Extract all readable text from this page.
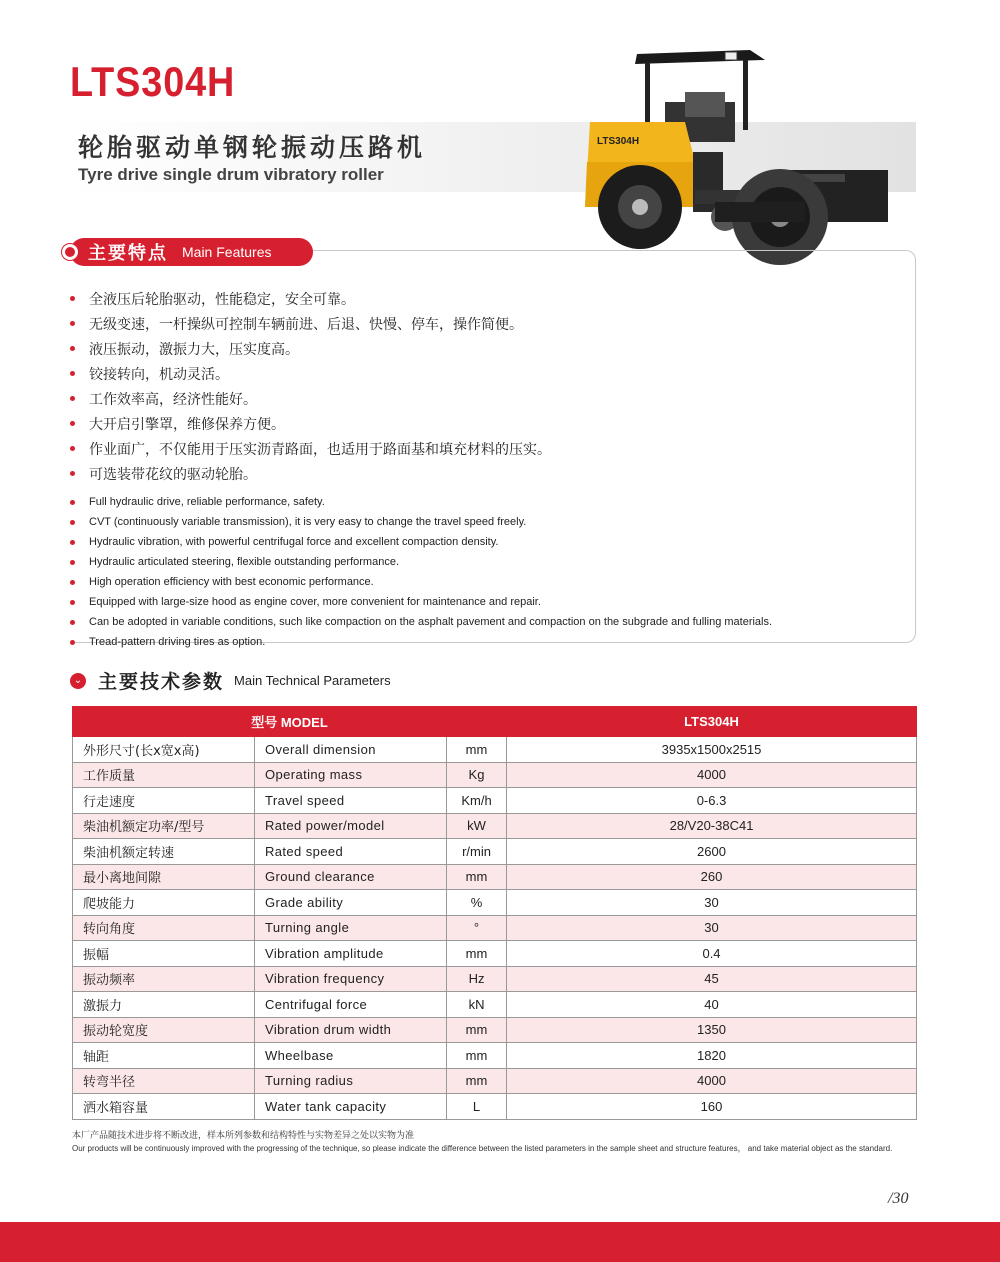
LTS304H
轮胎驱动单钢轮振动压路机
Tyre drive single drum vibratory roller
LTS304H
主要特点 Main Features
全液压后轮胎驱动，性能稳定，安全可靠。
无级变速，一杆操纵可控制车辆前进、后退、快慢、停车，操作简便。
液压振动，激振力大，压实度高。
铰接转向，机动灵活。
工作效率高，经济性能好。
大开启引擎罩，维修保养方便。
作业面广，不仅能用于压实沥青路面，也适用于路面基和填充材料的压实。
可选装带花纹的驱动轮胎。
Full hydraulic drive, reliable performance, safety.
CVT (continuously variable transmission), it is very easy to change the travel speed freely.
Hydraulic vibration, with powerful centrifugal force and excellent compaction density.
Hydraulic articulated steering, flexible outstanding performance.
High operation efficiency with best economic performance.
Equipped with large-size hood as engine cover, more convenient for maintenance and repair.
Can be adopted in variable conditions, such like compaction on the asphalt pavement and compaction on the subgrade and fulling materials.
Tread-pattern driving tires as option.
⌄ 主要技术参数 Main Technical Parameters
型号 MODEL			LTS304H
外形尺寸(长x宽x高)	Overall dimension	mm	3935x1500x2515
工作质量	Operating mass	Kg	4000
行走速度	Travel speed	Km/h	0-6.3
柴油机额定功率/型号	Rated power/model	kW	28/V20-38C41
柴油机额定转速	Rated speed	r/min	2600
最小离地间隙	Ground clearance	mm	260
爬坡能力	Grade ability	%	30
转向角度	Turning angle	°	30
振幅	Vibration amplitude	mm	0.4
振动频率	Vibration frequency	Hz	45
激振力	Centrifugal force	kN	40
振动轮宽度	Vibration drum width	mm	1350
轴距	Wheelbase	mm	1820
转弯半径	Turning radius	mm	4000
洒水箱容量	Water tank capacity	L	160
本厂产品随技术进步将不断改进，样本所列参数和结构特性与实物差异之处以实物为准
Our products will be continuously improved with the progressing of the technique, so please indicate the difference between the listed parameters in the sample sheet and structure features， and take material object as the standard.
/30
